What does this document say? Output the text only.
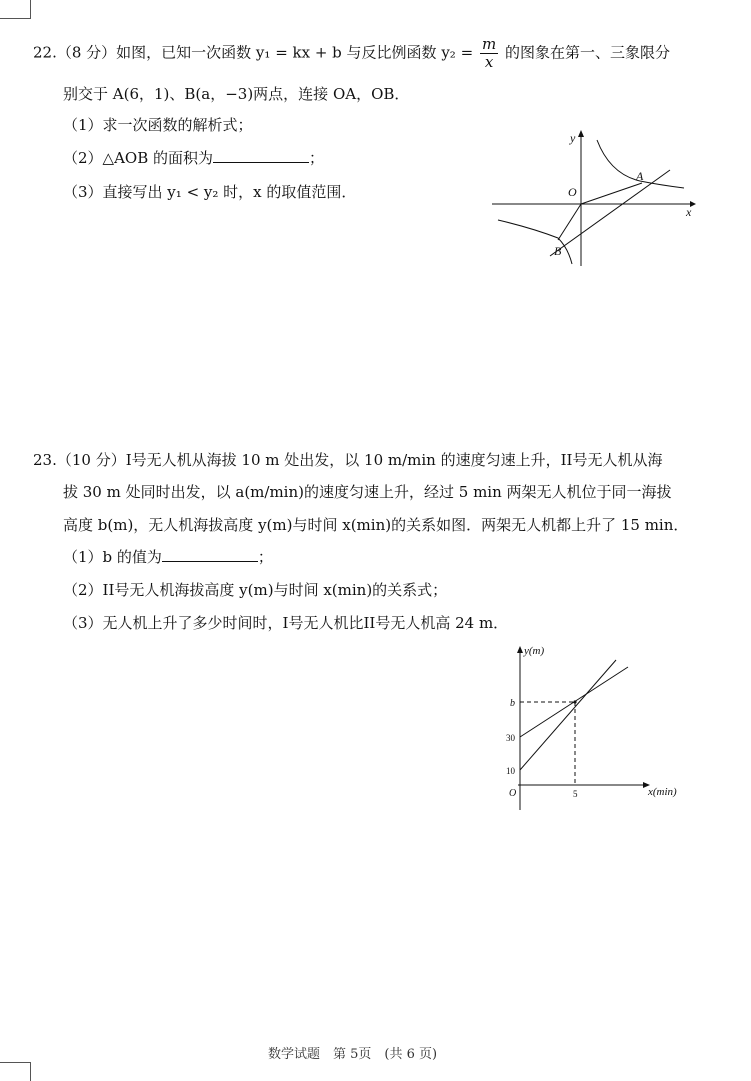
22.（8 分）如图，已知一次函数 y₁ = kx + b 与反比例函数 $y_2 = \frac{m}{x}$ 的图象在第一、三象限分
别交于 A(6，1)、B(a，−3)两点，连接 OA，OB．
（1）求一次函数的解析式；
（2）△AOB 的面积为	；
（3）直接写出 y₁ < y₂ 时，x 的取值范围．
y
x
O
A
B
23.（10 分）I号无人机从海拔 10 m 处出发，以 10 m/min 的速度匀速上升，II号无人机从海
拔 30 m 处同时出发，以 a(m/min)的速度匀速上升，经过 5 min 两架无人机位于同一海拔
高度 b(m)，无人机海拔高度 y(m)与时间 x(min)的关系如图．两架无人机都上升了 15 min．
（1）b 的值为	；
（2）II号无人机海拔高度 y(m)与时间 x(min)的关系式；
（3）无人机上升了多少时间时，I号无人机比II号无人机高 24 m．
y(m)
x(min)
b
30
10
O	5
数学试题　第 5页　(共 6 页)
